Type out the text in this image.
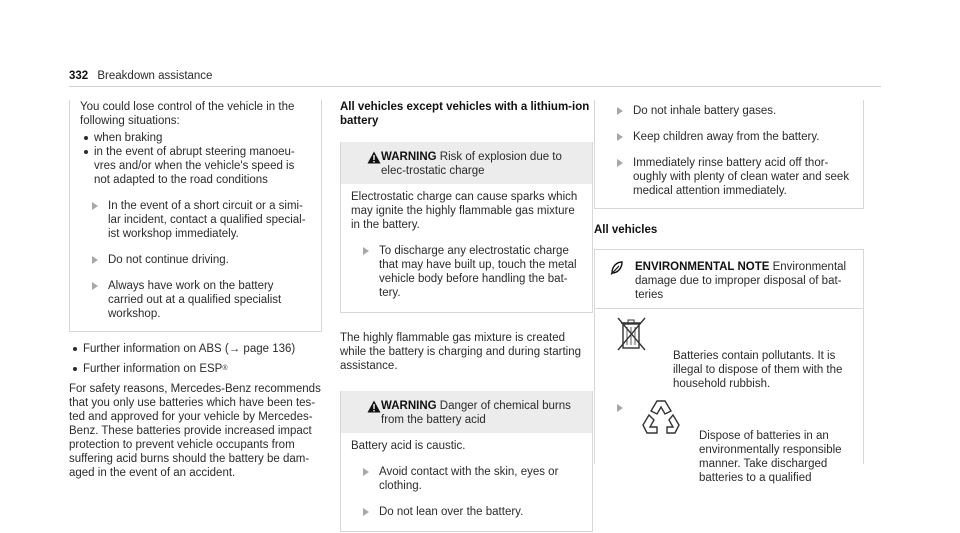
332 Breakdown assistance
You could lose control of the vehicle in the following situations:
when braking
in the event of abrupt steering manoeu-vres and/or when the vehicle's speed is not adapted to the road conditions
In the event of a short circuit or a simi-lar incident, contact a qualified special-ist workshop immediately.
Do not continue driving.
Always have work on the battery carried out at a qualified specialist workshop.
Further information on ABS (→ page 136)
Further information on ESP®
For safety reasons, Mercedes-Benz recommends that you only use batteries which have been tes-ted and approved for your vehicle by Mercedes-Benz. These batteries provide increased impact protection to prevent vehicle occupants from suffering acid burns should the battery be dam-aged in the event of an accident.
All vehicles except vehicles with a lithium-ion battery
WARNING Risk of explosion due to elec-trostatic charge
Electrostatic charge can cause sparks which may ignite the highly flammable gas mixture in the battery.
To discharge any electrostatic charge that may have built up, touch the metal vehicle body before handling the bat-tery.
The highly flammable gas mixture is created while the battery is charging and during starting assistance.
WARNING Danger of chemical burns from the battery acid
Battery acid is caustic.
Avoid contact with the skin, eyes or clothing.
Do not lean over the battery.
Do not inhale battery gases.
Keep children away from the battery.
Immediately rinse battery acid off thor-oughly with plenty of clean water and seek medical attention immediately.
All vehicles
ENVIRONMENTAL NOTE Environmental damage due to improper disposal of bat-teries
Batteries contain pollutants. It is illegal to dispose of them with the household rubbish.
Dispose of batteries in an environmentally responsible manner. Take discharged batteries to a qualified
